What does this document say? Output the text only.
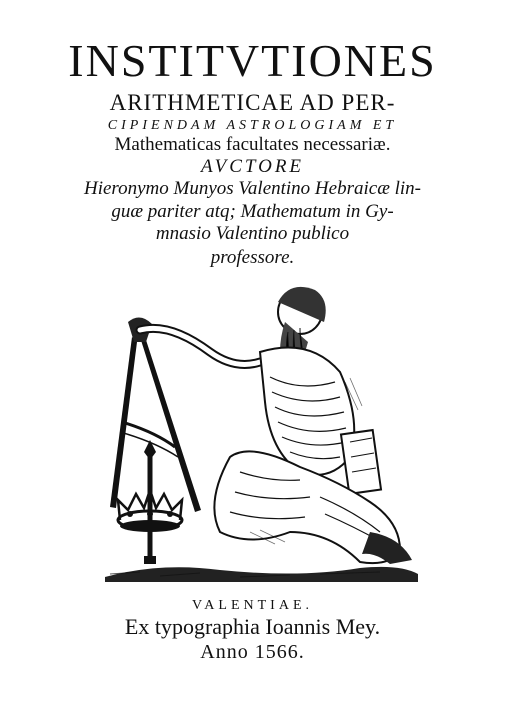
INSTITVTIONES
ARITHMETICAE AD PER-
CIPIENDAM ASTROLOGIAM ET
Mathematicas facultates necessariæ.
AVCTORE
Hieronymo Munyos Valentino Hebraicæ lin-
guæ pariter atq; Mathematum in Gy-
mnasio Valentino publico
professore.
VALENTIAE.
Ex typographia Ioannis Mey.
Anno 1566.
